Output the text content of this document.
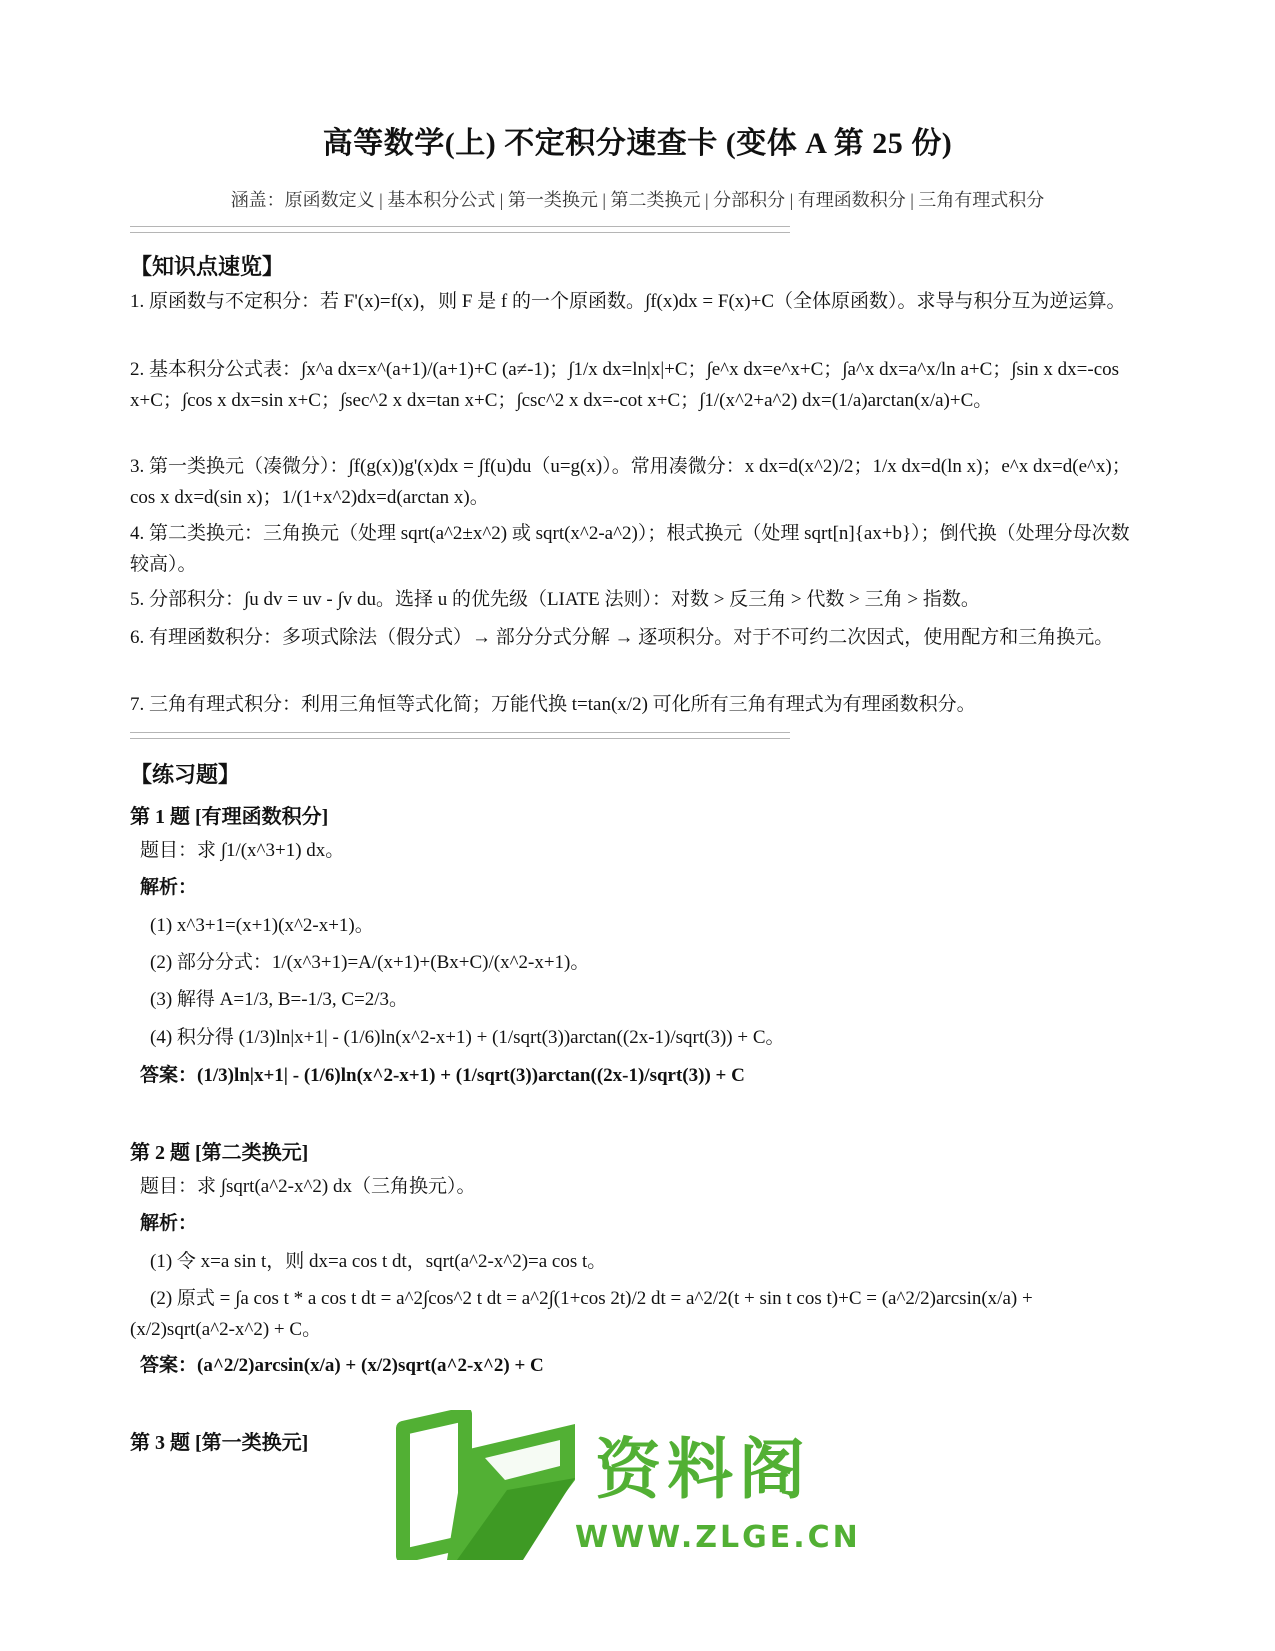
高等数学(上) 不定积分速查卡 (变体 A 第 25 份)
涵盖：原函数定义 | 基本积分公式 | 第一类换元 | 第二类换元 | 分部积分 | 有理函数积分 | 三角有理式积分
【知识点速览】
1. 原函数与不定积分：若 F'(x)=f(x)，则 F 是 f 的一个原函数。∫f(x)dx = F(x)+C（全体原函数）。求导与积分互为逆运算。
2. 基本积分公式表：∫x^a dx=x^(a+1)/(a+1)+C (a≠-1)；∫1/x dx=ln|x|+C；∫e^x dx=e^x+C；∫a^x dx=a^x/ln a+C；∫sin x dx=-cos x+C；∫cos x dx=sin x+C；∫sec^2 x dx=tan x+C；∫csc^2 x dx=-cot x+C；∫1/(x^2+a^2) dx=(1/a)arctan(x/a)+C。
3. 第一类换元（凑微分）：∫f(g(x))g'(x)dx = ∫f(u)du（u=g(x)）。常用凑微分：x dx=d(x^2)/2；1/x dx=d(ln x)；e^x dx=d(e^x)；cos x dx=d(sin x)；1/(1+x^2)dx=d(arctan x)。
4. 第二类换元：三角换元（处理 sqrt(a^2±x^2) 或 sqrt(x^2-a^2)）；根式换元（处理 sqrt[n]{ax+b}）；倒代换（处理分母次数较高）。
5. 分部积分：∫u dv = uv - ∫v du。选择 u 的优先级（LIATE 法则）：对数 > 反三角 > 代数 > 三角 > 指数。
6. 有理函数积分：多项式除法（假分式）→ 部分分式分解 → 逐项积分。对于不可约二次因式，使用配方和三角换元。
7. 三角有理式积分：利用三角恒等式化简；万能代换 t=tan(x/2) 可化所有三角有理式为有理函数积分。
【练习题】
第 1 题 [有理函数积分]
题目：求 ∫1/(x^3+1) dx。
解析：
(1) x^3+1=(x+1)(x^2-x+1)。
(2) 部分分式：1/(x^3+1)=A/(x+1)+(Bx+C)/(x^2-x+1)。
(3) 解得 A=1/3, B=-1/3, C=2/3。
(4) 积分得 (1/3)ln|x+1| - (1/6)ln(x^2-x+1) + (1/sqrt(3))arctan((2x-1)/sqrt(3)) + C。
答案：(1/3)ln|x+1| - (1/6)ln(x^2-x+1) + (1/sqrt(3))arctan((2x-1)/sqrt(3)) + C
第 2 题 [第二类换元]
题目：求 ∫sqrt(a^2-x^2) dx（三角换元）。
解析：
(1) 令 x=a sin t，则 dx=a cos t dt，sqrt(a^2-x^2)=a cos t。
(2) 原式 = ∫a cos t * a cos t dt = a^2∫cos^2 t dt = a^2∫(1+cos 2t)/2 dt = a^2/2(t + sin t cos t)+C = (a^2/2)arcsin(x/a) + (x/2)sqrt(a^2-x^2) + C。
答案：(a^2/2)arcsin(x/a) + (x/2)sqrt(a^2-x^2) + C
第 3 题 [第一类换元]	资料阁
WWW.ZLGE.CN
